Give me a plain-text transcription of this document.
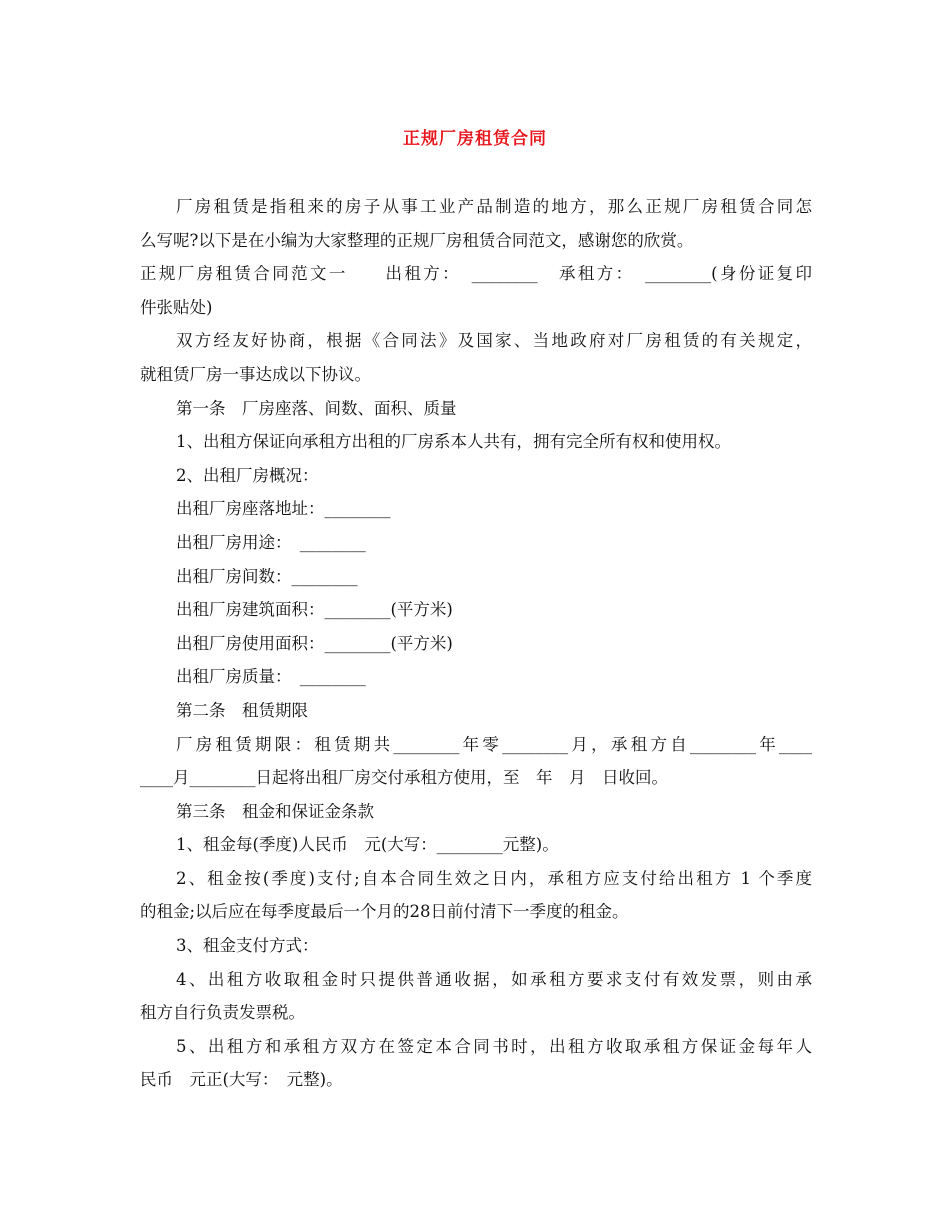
正规厂房租赁合同
厂房租赁是指租来的房子从事工业产品制造的地方，那么正规厂房租赁合同怎
么写呢?以下是在小编为大家整理的正规厂房租赁合同范文，感谢您的欣赏。
正规厂房租赁合同范文一　　出租方：　________　承租方：　________(身份证复印
件张贴处)
双方经友好协商，根据《合同法》及国家、当地政府对厂房租赁的有关规定，
就租赁厂房一事达成以下协议。
第一条　厂房座落、间数、面积、质量
1、出租方保证向承租方出租的厂房系本人共有，拥有完全所有权和使用权。
2、出租厂房概况：
出租厂房座落地址：________
出租厂房用途：　________
出租厂房间数：________
出租厂房建筑面积：________(平方米)
出租厂房使用面积：________(平方米)
出租厂房质量：　________
第二条　租赁期限
厂房租赁期限：租赁期共________年零________月，承租方自________年____
____月________日起将出租厂房交付承租方使用，至　年　月　日收回。
第三条　租金和保证金条款
1、租金每(季度)人民币　元(大写：________元整)。
2、租金按(季度)支付;自本合同生效之日内，承租方应支付给出租方 1 个季度
的租金;以后应在每季度最后一个月的28日前付清下一季度的租金。
3、租金支付方式：
4、出租方收取租金时只提供普通收据，如承租方要求支付有效发票，则由承
租方自行负责发票税。
5、出租方和承租方双方在签定本合同书时，出租方收取承租方保证金每年人
民币　元正(大写：　元整)。
